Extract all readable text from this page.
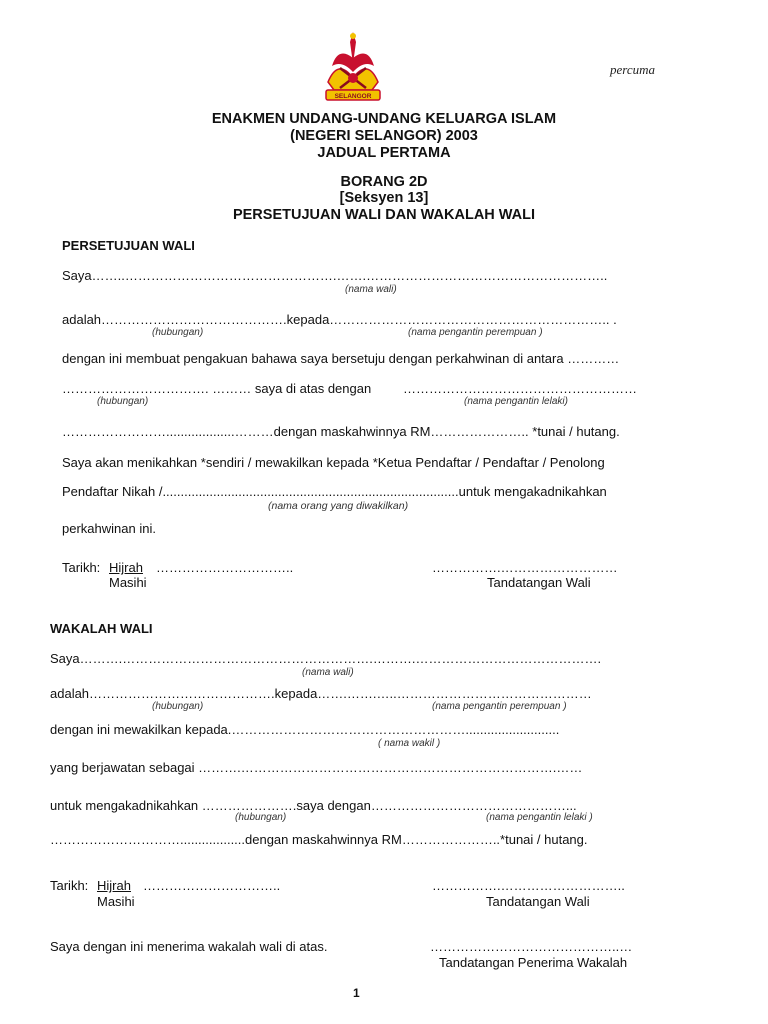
SELANGOR
percuma
ENAKMEN UNDANG-UNDANG KELUARGA ISLAM
(NEGERI SELANGOR) 2003
JADUAL PERTAMA
BORANG 2D
[Seksyen 13]
PERSETUJUAN WALI DAN WAKALAH WALI
PERSETUJUAN WALI
Saya……..………………………………………….…….………………………………………………..
(nama wali)
adalah…………………………………….kepada……………………………………………………….. .
(hubungan)	(nama pengantin perempuan )
dengan ini membuat pengakuan bahawa saya bersetuju dengan perkahwinan di antara …………
……………………………. ……… saya di atas dengan ………………………………………………
(hubungan)	(nama pengantin lelaki)
……………………...................………dengan maskahwinnya RM………………….. *tunai / hutang.
Saya akan menikahkan *sendiri / mewakilkan kepada *Ketua Pendaftar / Pendaftar / Penolong
Pendaftar Nikah /..................................................................................untuk mengakadnikahkan
(nama orang yang diwakilkan)
perkahwinan ini.
Tarikh: Hijrah …………………………..
Masihi
…………….………………………
Tandatangan Wali
WAKALAH WALI
Saya……….………………………………………………….……….…………………………………….
(nama wali)
adalah…………………………………….kepada…….…….…..………………………………………
(hubungan)	(nama pengantin perempuan )
dengan ini mewakilkan kepada.………………………………………………..........................
( nama wakil )
yang berjawatan sebagai ……….……………………………………………………………….……
untuk mengakadnikahkan ………………….saya dengan………………………………………...
(hubungan)	(nama pengantin lelaki )
…………………………..................dengan maskahwinnya RM…………………..*tunai / hutang.
Tarikh: Hijrah …………………………..
Masihi
…………….………………………..
Tandatangan Wali
Saya dengan ini menerima wakalah wali di atas.	……………………………………..…
Tandatangan Penerima Wakalah
1
